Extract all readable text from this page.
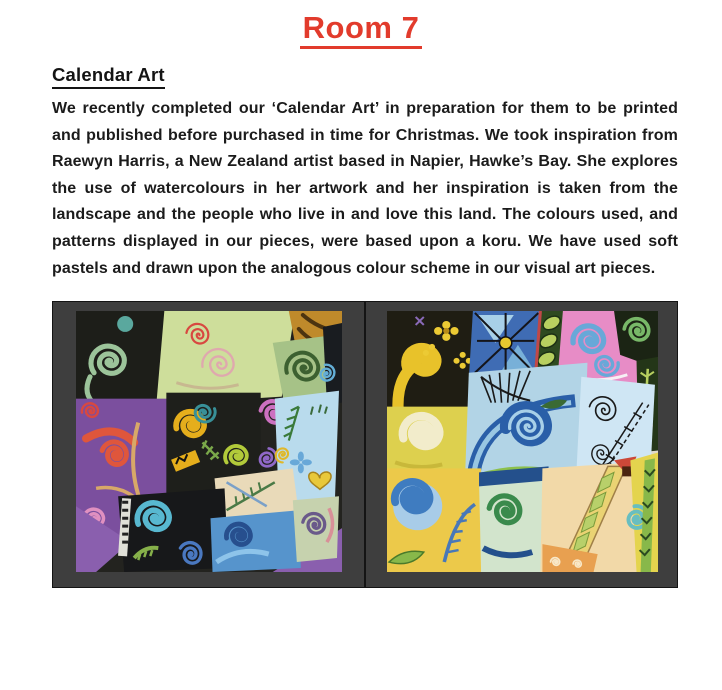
Room 7
Calendar Art

We recently completed our ‘Calendar Art’ in preparation for them to be printed and published before purchased in time for Christmas. We took inspiration from Raewyn Harris, a New Zealand artist based in Napier, Hawke’s Bay. She explores the use of watercolours in her artwork and her inspiration is taken from the landscape and the people who live in and love this land. The colours used, and patterns displayed in our pieces, were based upon a koru. We have used soft pastels and drawn upon the analogous colour scheme in our visual art pieces.
